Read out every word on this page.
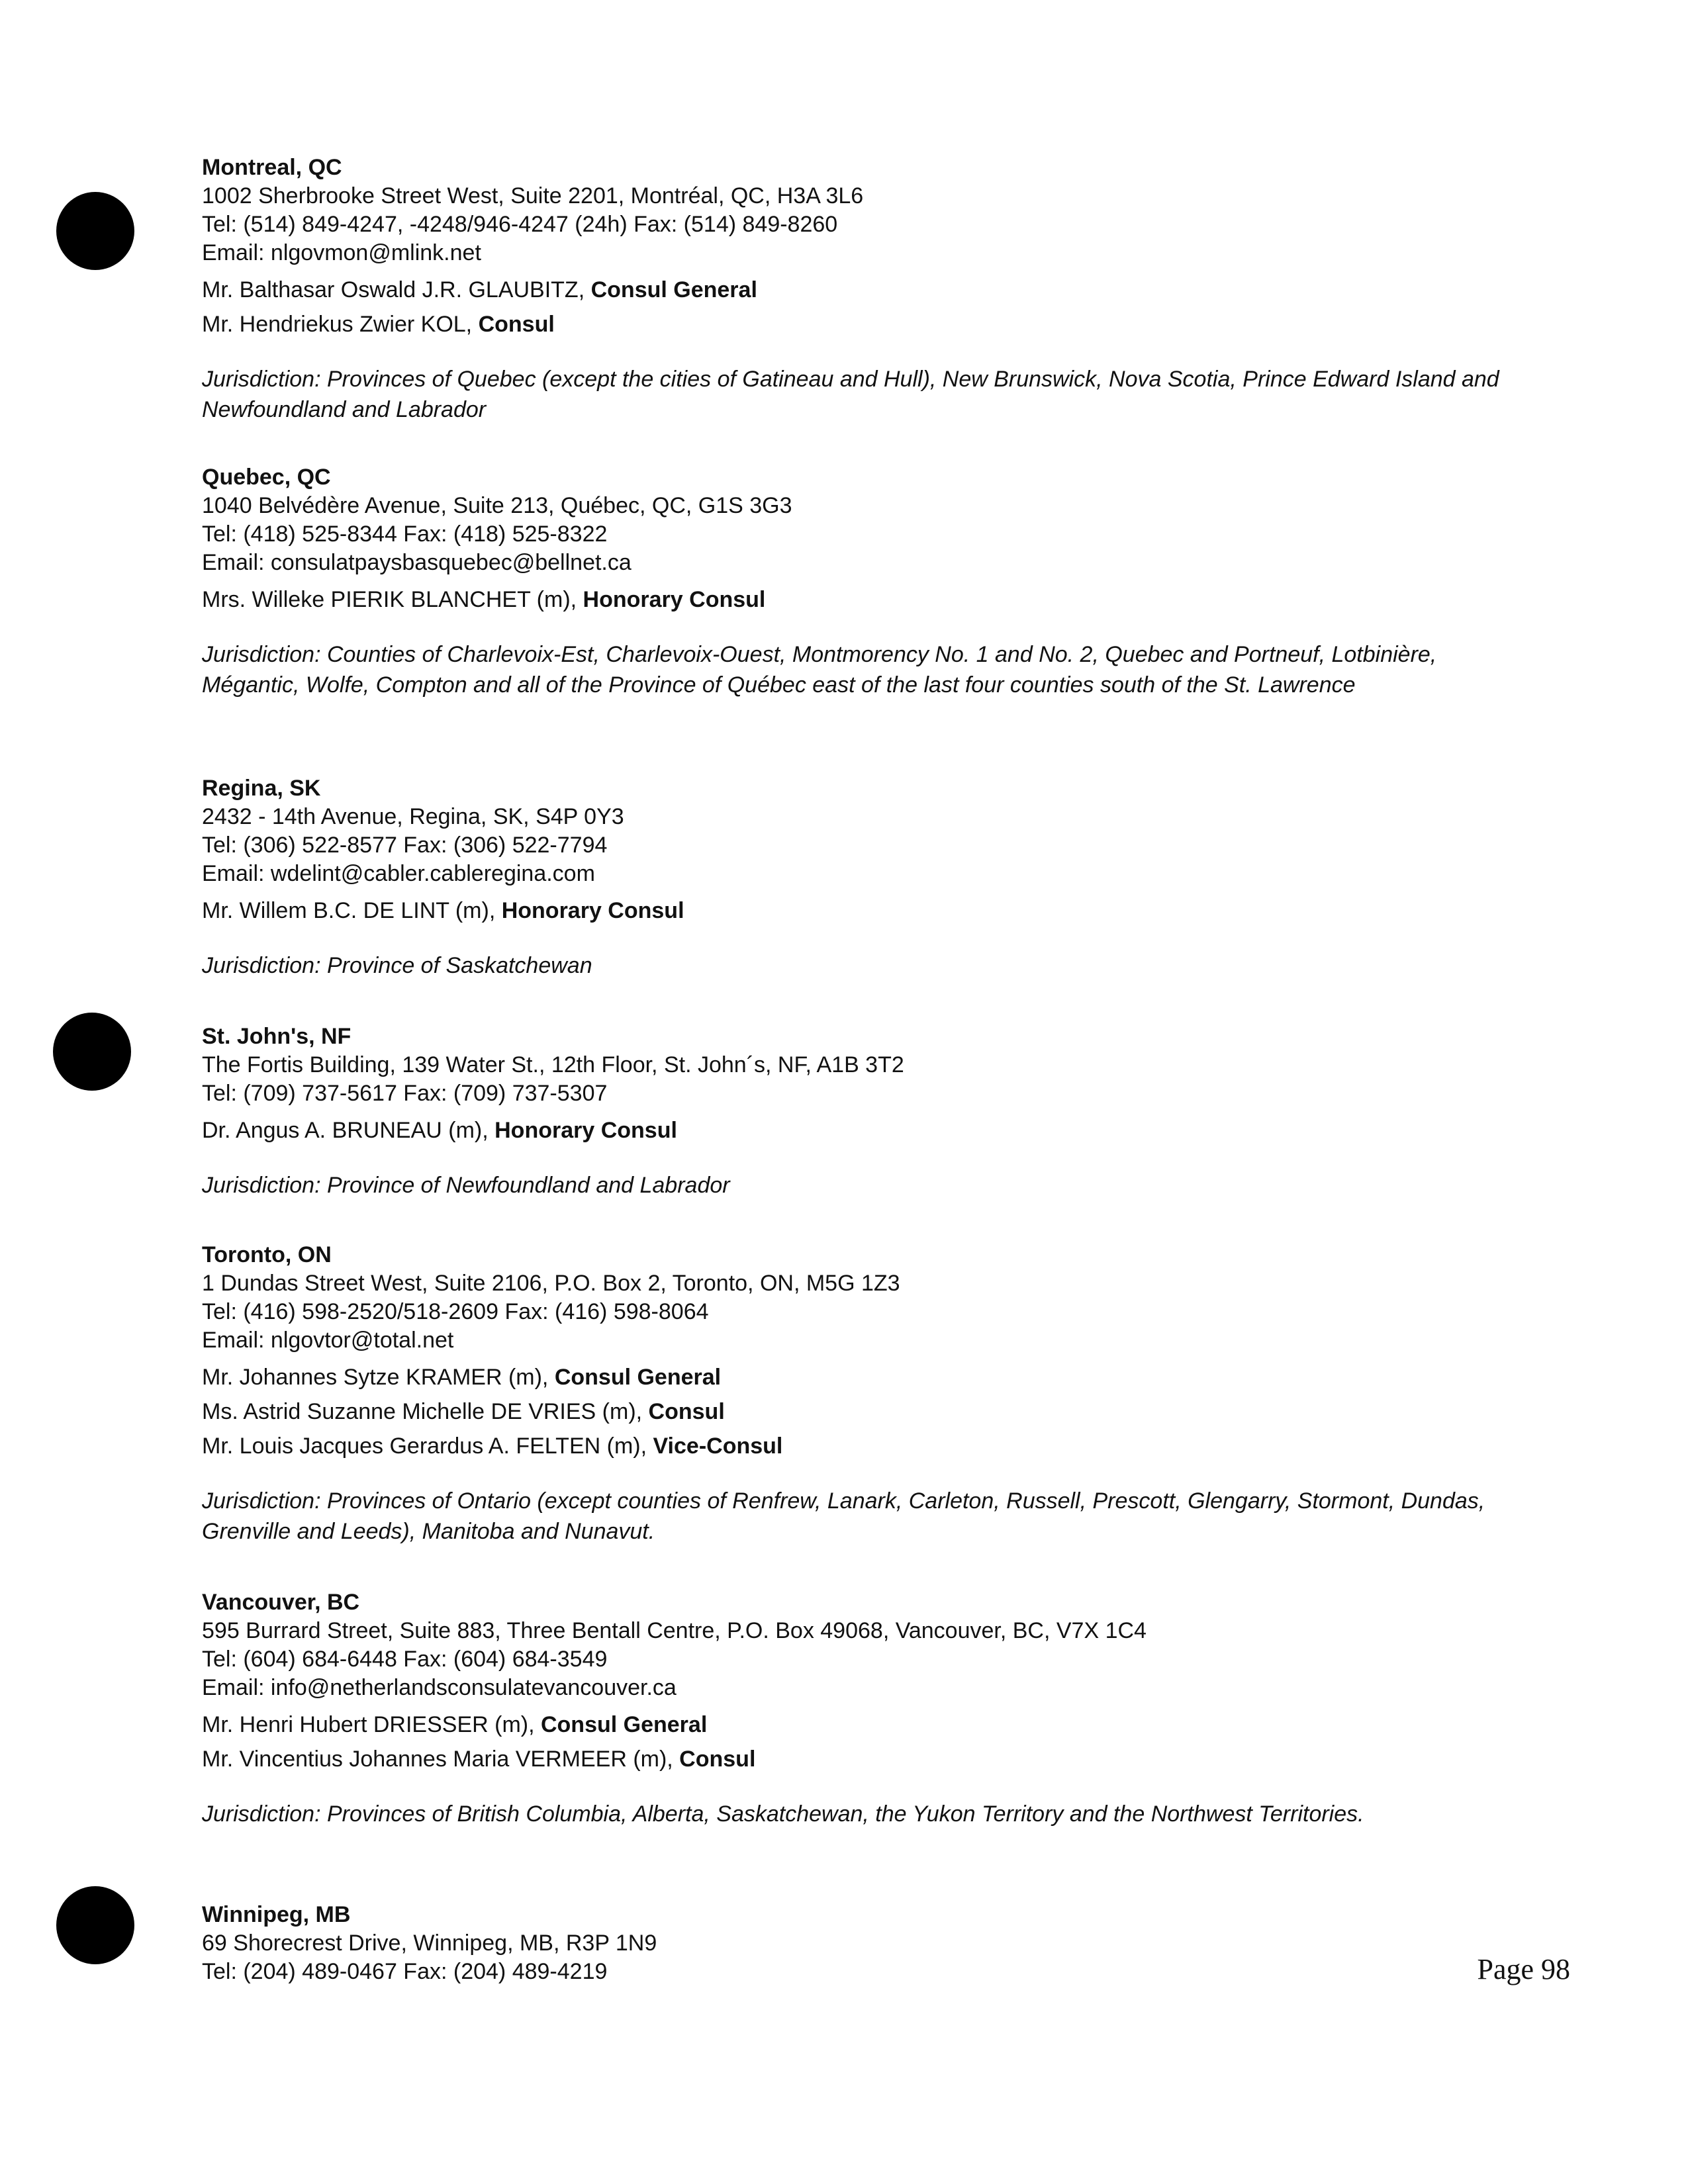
Montreal, QC
1002 Sherbrooke Street West, Suite 2201, Montréal, QC, H3A 3L6
Tel: (514) 849-4247, -4248/946-4247 (24h) Fax: (514) 849-8260
Email: nlgovmon@mlink.net
Mr. Balthasar Oswald J.R. GLAUBITZ, Consul General
Mr. Hendriekus Zwier KOL, Consul
Jurisdiction: Provinces of Quebec (except the cities of Gatineau and Hull), New Brunswick, Nova Scotia, Prince Edward Island and Newfoundland and Labrador
Quebec, QC
1040 Belvédère Avenue, Suite 213, Québec, QC, G1S 3G3
Tel: (418) 525-8344 Fax: (418) 525-8322
Email: consulatpaysbasquebec@bellnet.ca
Mrs. Willeke PIERIK BLANCHET (m), Honorary Consul
Jurisdiction: Counties of Charlevoix-Est, Charlevoix-Ouest, Montmorency No. 1 and No. 2, Quebec and Portneuf, Lotbinière, Mégantic, Wolfe, Compton and all of the Province of Québec east of the last four counties south of the St. Lawrence
Regina, SK
2432 - 14th Avenue, Regina, SK, S4P 0Y3
Tel: (306) 522-8577 Fax: (306) 522-7794
Email: wdelint@cabler.cableregina.com
Mr. Willem B.C. DE LINT (m), Honorary Consul
Jurisdiction: Province of Saskatchewan
St. John's, NF
The Fortis Building, 139 Water St., 12th Floor, St. John´s, NF, A1B 3T2
Tel: (709) 737-5617 Fax: (709) 737-5307
Dr. Angus A. BRUNEAU (m), Honorary Consul
Jurisdiction: Province of Newfoundland and Labrador
Toronto, ON
1 Dundas Street West, Suite 2106, P.O. Box 2, Toronto, ON, M5G 1Z3
Tel: (416) 598-2520/518-2609 Fax: (416) 598-8064
Email: nlgovtor@total.net
Mr. Johannes Sytze KRAMER (m), Consul General
Ms. Astrid Suzanne Michelle DE VRIES (m), Consul
Mr. Louis Jacques Gerardus A. FELTEN (m), Vice-Consul
Jurisdiction: Provinces of Ontario (except counties of Renfrew, Lanark, Carleton, Russell, Prescott, Glengarry, Stormont, Dundas, Grenville and Leeds), Manitoba and Nunavut.
Vancouver, BC
595 Burrard Street, Suite 883, Three Bentall Centre, P.O. Box 49068, Vancouver, BC, V7X 1C4
Tel: (604) 684-6448 Fax: (604) 684-3549
Email: info@netherlandsconsulatevancouver.ca
Mr. Henri Hubert DRIESSER (m), Consul General
Mr. Vincentius Johannes Maria VERMEER (m), Consul
Jurisdiction: Provinces of British Columbia, Alberta, Saskatchewan, the Yukon Territory and the Northwest Territories.
Winnipeg, MB
69 Shorecrest Drive, Winnipeg, MB, R3P 1N9
Tel: (204) 489-0467 Fax: (204) 489-4219	Page 98
